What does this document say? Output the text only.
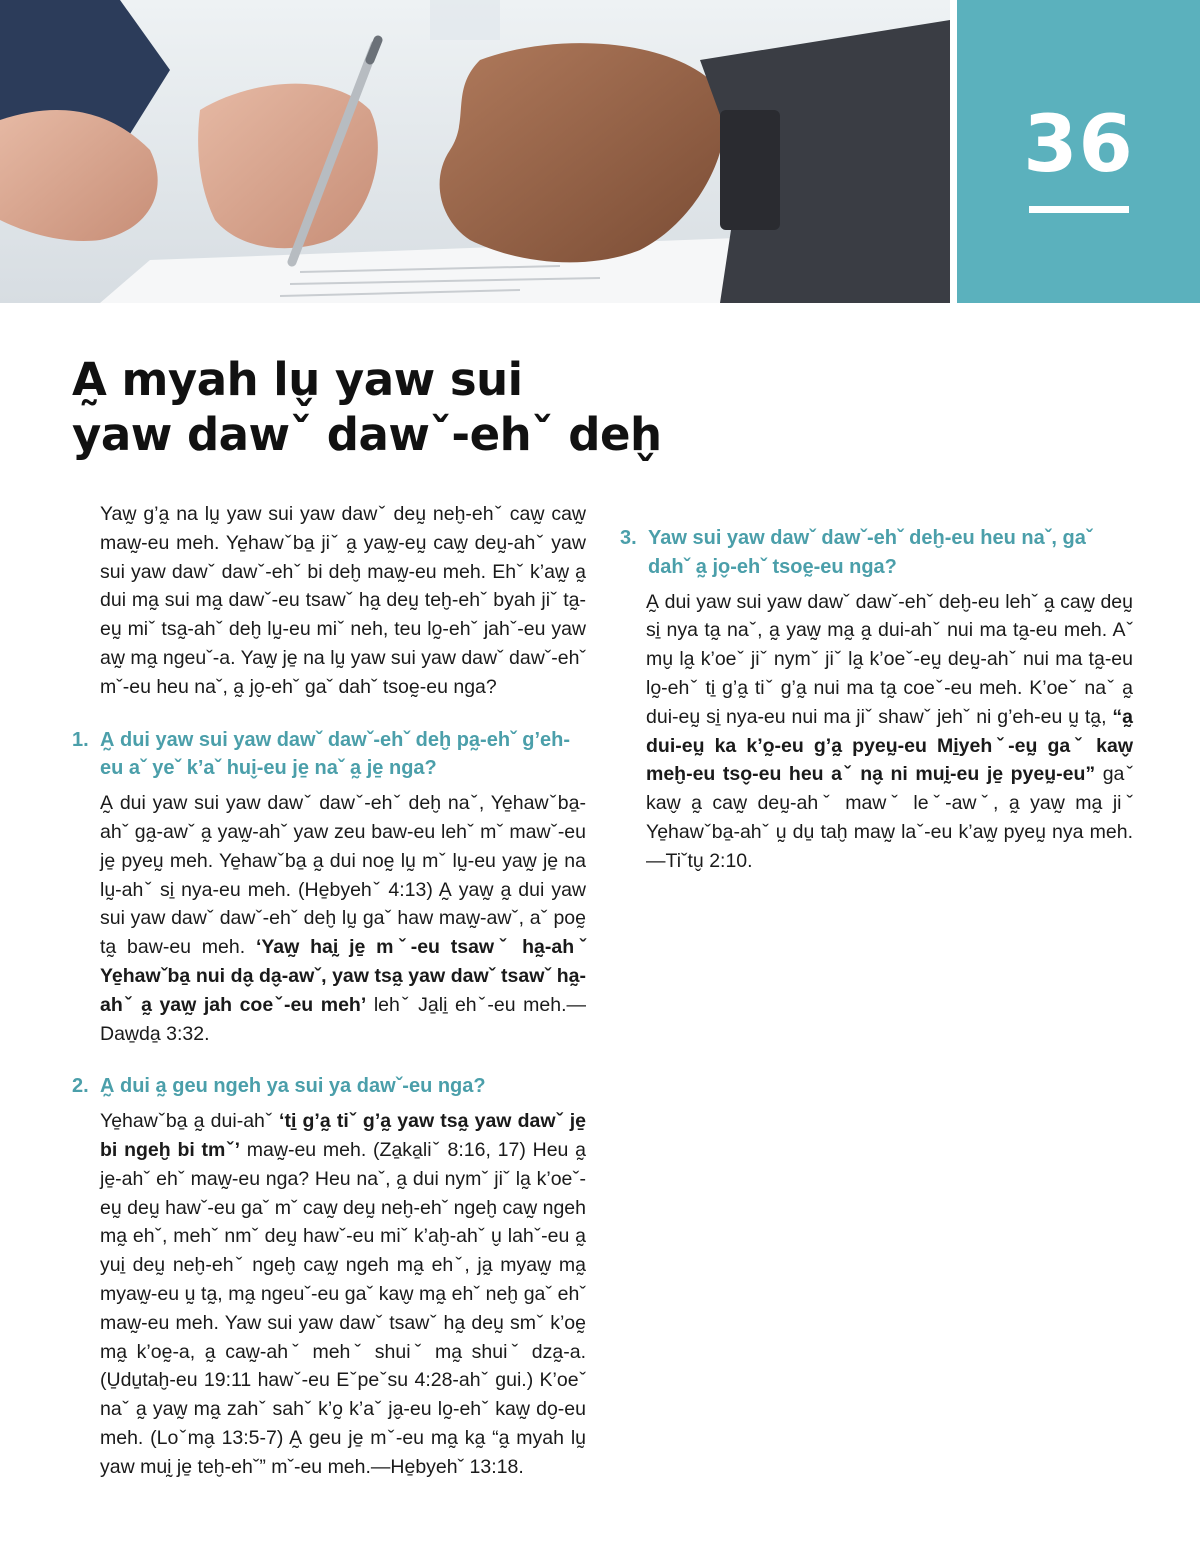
36
A̰ myah lu̬ yaw sui
yaw dawˇ dawˇ-ehˇ deh̬

Yaw̰ g’a̰ na lṵ yaw sui yaw dawˇ deṵ neḫ-ehˇ caw̰ caw̰ maw̰-eu meh. Ye̱hawˇba̱ jiˇ a̰ yaw̰-eṵ caw̰ deṵ-ahˇ yaw sui yaw dawˇ dawˇ-ehˇ bi deḫ maw̰-eu meh. Ehˇ k’aw̰ a̰ dui ma̰ sui ma̰ dawˇ-eu tsawˇ ha̰ deṵ teḫ-ehˇ byah jiˇ ta̰-eṵ miˇ tsa̰-ahˇ deḫ lṵ-eu miˇ neh, teu lo̰-ehˇ jahˇ-eu yaw aw̰ ma̰ ngeuˇ-a. Yaw̰ je̱ na lṵ yaw sui yaw dawˇ dawˇ-ehˇ mˇ-eu heu naˇ, a̰ jo̬-ehˇ gaˇ dahˇ tsoḛ-eu nga?

1. A̰ dui yaw sui yaw dawˇ dawˇ-ehˇ deḫ pa̰-ehˇ g’eh-eu aˇ yeˇ k’aˇ hui̬-eu je̱ naˇ a̰ je̱ nga?

A̰ dui yaw sui yaw dawˇ dawˇ-ehˇ deḫ naˇ, Ye̱hawˇba̱-ahˇ ga̰-awˇ a̰ yaw̰-ahˇ yaw zeu baw-eu lehˇ mˇ mawˇ-eu je̱ pyeṵ meh. Ye̱hawˇba̱ a̰ dui noḛ lṵ mˇ lṵ-eu yaw̰ je̱ na lṵ-ahˇ si̱ nya-eu meh. (He̱byehˇ 4:13) A̰ yaw̰ a̰ dui yaw sui yaw dawˇ dawˇ-ehˇ deḫ lṵ gaˇ haw maw̰-awˇ, aˇ poḛ ta̰ baw-eu meh. ‘Yaw̰ haḭ je̱ mˇ-eu tsawˇ ha̰-ahˇ Ye̱hawˇba̱ nui da̬ da̬-awˇ, yaw tsa̰ yaw dawˇ tsawˇ ha̰-ahˇ a̰ yaw̰ jah coeˇ-eu meh’ lehˇ Ja̱li̱ ehˇ-eu meh.—Daw̱da̱ 3:32.

2. A̰ dui a̰ geu ngeh ya sui ya dawˇ-eu nga?

Ye̱hawˇba̱ a̰ dui-ahˇ ‘ti̱ g’a̰ tiˇ g’a̰ yaw tsa̰ yaw dawˇ je̱ bi ngeḫ bi tmˇ’ maw̰-eu meh. (Za̱ka̱liˇ 8:16, 17) Heu a̰ je̱-ahˇ ehˇ maw̰-eu nga? Heu naˇ, a̰ dui nymˇ jiˇ la̰ k’oeˇ-eṵ deṵ hawˇ-eu gaˇ mˇ caw̰ deṵ neḫ-ehˇ ngeḫ caw̰ ngeh ma̰ ehˇ, mehˇ nmˇ deṵ hawˇ-eu miˇ k’aḫ-ahˇ u̬ lahˇ-eu a̰ yui̱ deṵ neḫ-ehˇ ngeḫ caw̰ ngeh ma̰ ehˇ, ja̰ myaw̰ ma̰ myaw̰-eu ṵ ta̰, ma̰ ngeuˇ-eu gaˇ kaw̬ ma̰ ehˇ neḫ gaˇ ehˇ maw̰-eu meh. Yaw sui yaw dawˇ tsawˇ ha̰ deṵ smˇ k’oḛ ma̰ k’oḛ-a, a̰ caw̰-ahˇ mehˇ shuiˇ ma̰ shuiˇ dza̰-a. (U̱du̱taḫ-eu 19:11 hawˇ-eu Eˇpeˇsu 4:28-ahˇ gui.) K’oeˇ naˇ a̰ yaw̰ ma̰ zahˇ sahˇ k’o̰ k’aˇ ja̬-eu lo̰-ehˇ kaw̰ do̬-eu meh. (Loˇma̬ 13:5-7) A̰ geu je̱ mˇ-eu ma̰ ka̰ “a̰ myah lṵ yaw muḭ je̱ teḫ-ehˇ” mˇ-eu meh.—He̱byehˇ 13:18.

3. Yaw sui yaw dawˇ dawˇ-ehˇ deḫ-eu heu naˇ, gaˇ dahˇ a̰ jo̬-ehˇ tsoḛ-eu nga?

A̰ dui yaw sui yaw dawˇ dawˇ-ehˇ deḫ-eu lehˇ a̰ caw̰ deṵ si̱ nya ta̰ naˇ, a̰ yaw̰ ma̰ a̰ dui-ahˇ nui ma ta̰-eu meh. Aˇ mu̬ la̰ k’oeˇ jiˇ nymˇ jiˇ la̰ k’oeˇ-eṵ deṵ-ahˇ nui ma ta̰-eu lo̰-ehˇ ti̱ g’a̰ tiˇ g’a̰ nui ma ta̰ coeˇ-eu meh. K’oeˇ naˇ a̰ dui-eṵ si̱ nya-eu nui ma jiˇ shawˇ jehˇ ni g’eh-eu ṵ ta̰, “a̰ dui-eṵ ka k’o̰-eu g’a̰ pyeṵ-eu Mi̱yehˇ-eṵ gaˇ kaw̬ meḫ-eu tso̬-eu heu aˇ na̬ ni muḭ-eu je̱ pyeṵ-eu” gaˇ kaw̬ a̰ caw̰ deṵ-ahˇ mawˇ leˇ-awˇ, a̰ yaw̰ ma̰ jiˇ Ye̱hawˇba̱-ahˇ ṵ du̱ taḫ maw̰ laˇ-eu k’aw̰ pyeṵ nya meh.—Tiˇtu̬ 2:10.
